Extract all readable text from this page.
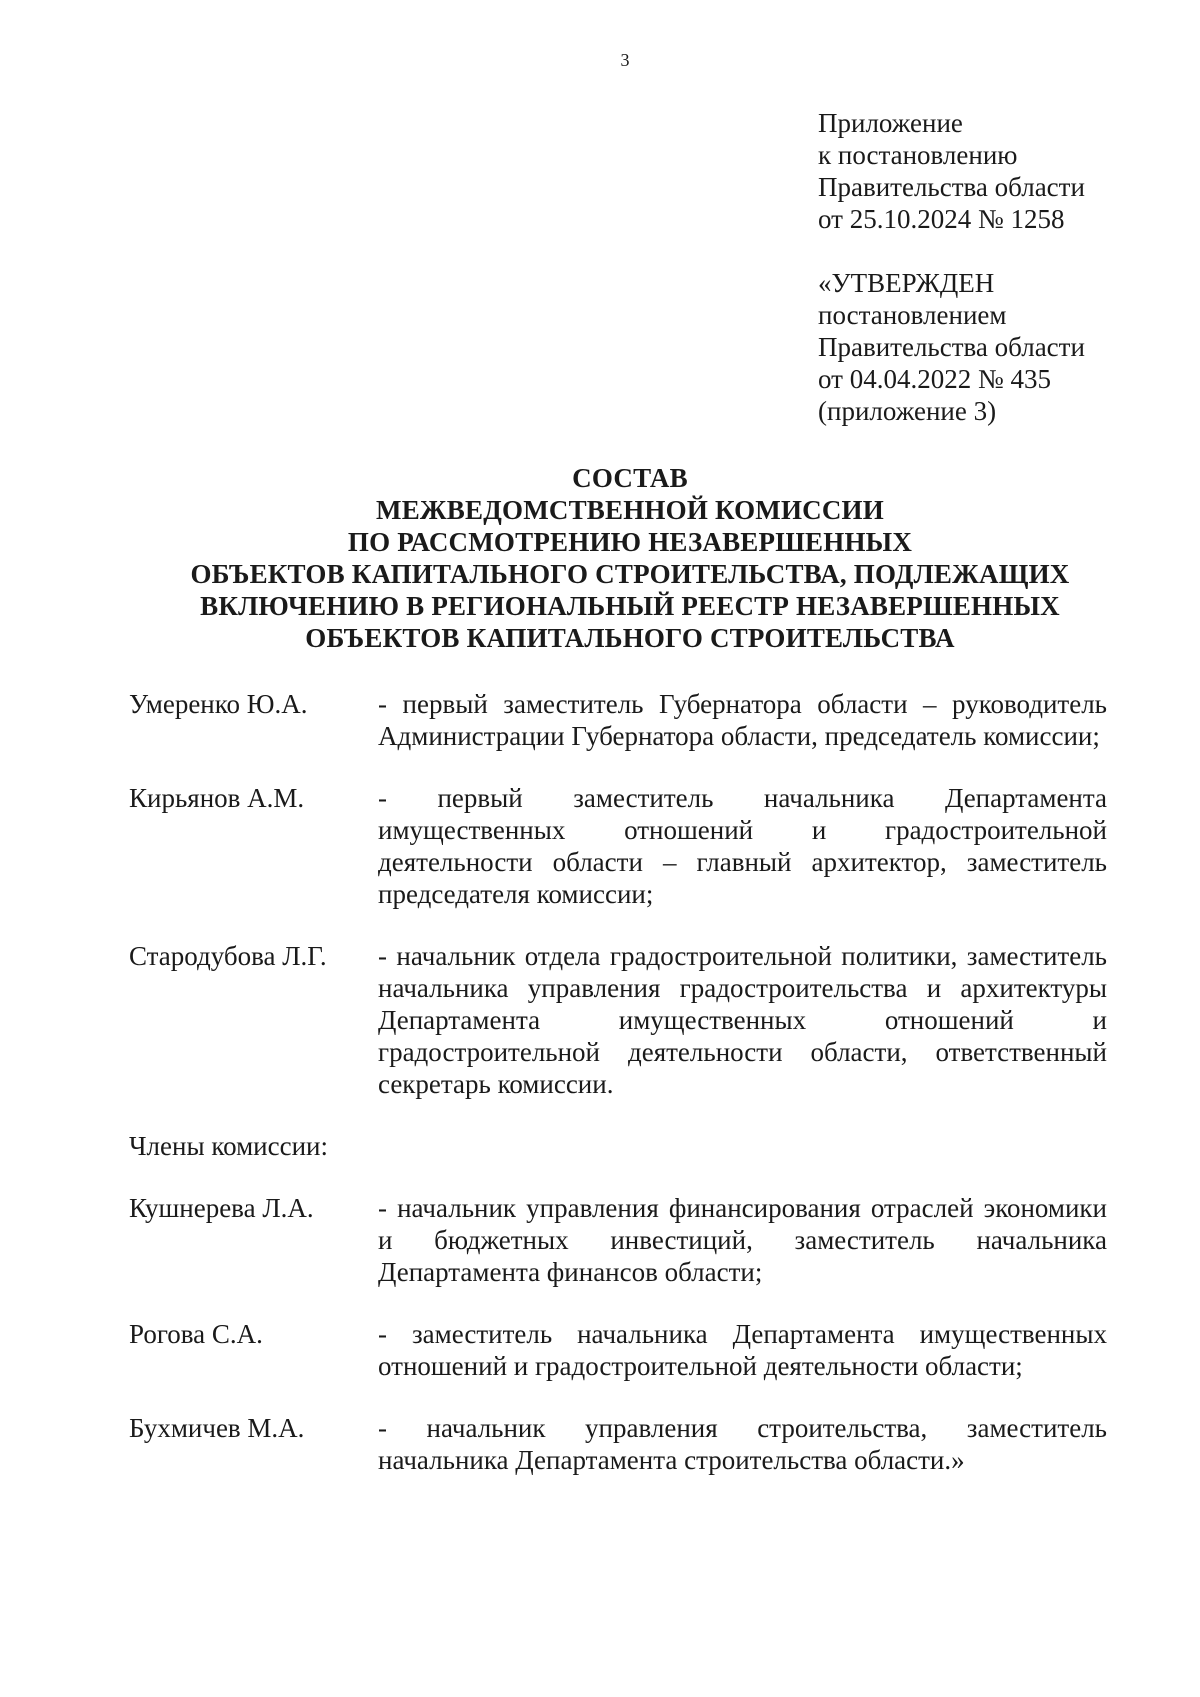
3
Приложение
к постановлению
Правительства области
от 25.10.2024 № 1258
«УТВЕРЖДЕН
постановлением
Правительства области
от 04.04.2022 № 435
(приложение 3)
СОСТАВ
МЕЖВЕДОМСТВЕННОЙ КОМИССИИ
ПО РАССМОТРЕНИЮ НЕЗАВЕРШЕННЫХ
ОБЪЕКТОВ КАПИТАЛЬНОГО СТРОИТЕЛЬСТВА, ПОДЛЕЖАЩИХ
ВКЛЮЧЕНИЮ В РЕГИОНАЛЬНЫЙ РЕЕСТР НЕЗАВЕРШЕННЫХ
ОБЪЕКТОВ КАПИТАЛЬНОГО СТРОИТЕЛЬСТВА
Умеренко Ю.А.	- первый заместитель Губернатора области – руководитель Администрации Губернатора области, председатель комиссии;
Кирьянов А.М.	- первый заместитель начальника Департамента имущественных отношений и градостроительной деятельности области – главный архитектор, заместитель председателя комиссии;
Стародубова Л.Г.	- начальник отдела градостроительной политики, заместитель начальника управления градостроительства и архитектуры Департамента имущественных отношений и градостроительной деятельности области, ответственный секретарь комиссии.
Члены комиссии:
Кушнерева Л.А.	- начальник управления финансирования отраслей экономики и бюджетных инвестиций, заместитель начальника Департамента финансов области;
Рогова С.А.	- заместитель начальника Департамента имущественных отношений и градостроительной деятельности области;
Бухмичев М.А.	- начальник управления строительства, заместитель начальника Департамента строительства области.»
